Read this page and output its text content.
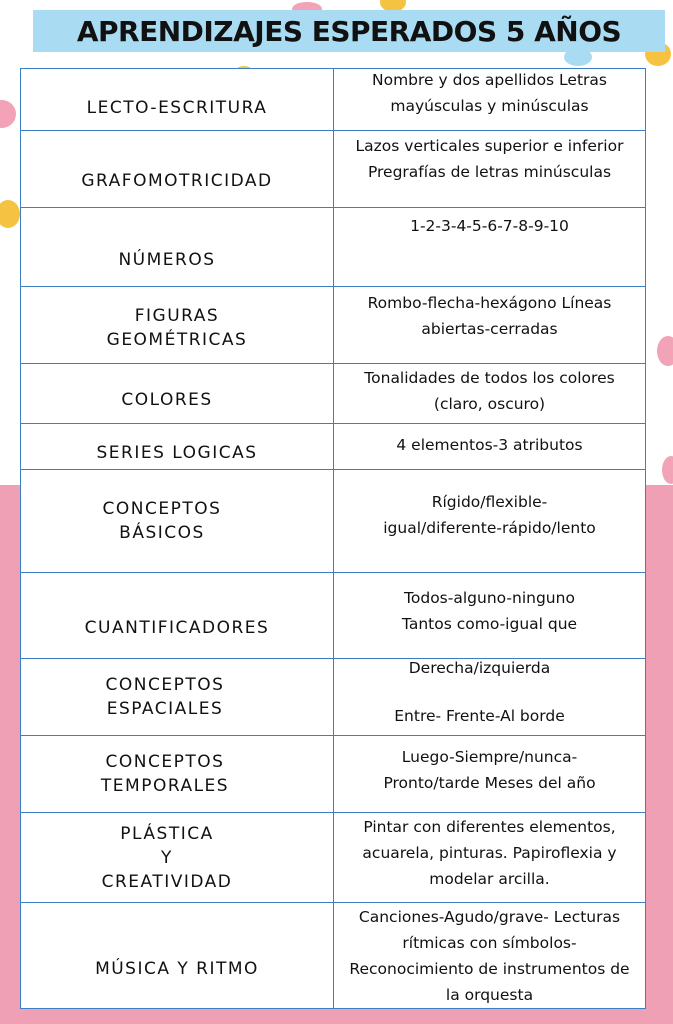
APRENDIZAJES ESPERADOS 5 AÑOS
LECTO-ESCRITURA	Nombre y dos apellidos Letras
mayúsculas y minúsculas

GRAFOMOTRICIDAD	Lazos verticales superior e inferior
Pregrafías de letras minúsculas

NÚMEROS	1-2-3-4-5-6-7-8-9-10

FIGURAS
GEOMÉTRICAS	Rombo-flecha-hexágono Líneas
abiertas-cerradas

COLORES	Tonalidades de todos los colores
(claro, oscuro)

SERIES LOGICAS	4 elementos-3 atributos

CONCEPTOS
BÁSICOS	Rígido/flexible-
igual/diferente-rápido/lento

CUANTIFICADORES	Todos-alguno-ninguno
Tantos como-igual que

CONCEPTOS
ESPACIALES	Derecha/izquierda

Entre- Frente-Al borde

CONCEPTOS
TEMPORALES	Luego-Siempre/nunca-
Pronto/tarde Meses del año

PLÁSTICA
Y
CREATIVIDAD	Pintar con diferentes elementos,
acuarela, pinturas. Papiroflexia y
modelar arcilla.

MÚSICA Y RITMO	Canciones-Agudo/grave- Lecturas
rítmicas con símbolos-
Reconocimiento de instrumentos de
la orquesta
